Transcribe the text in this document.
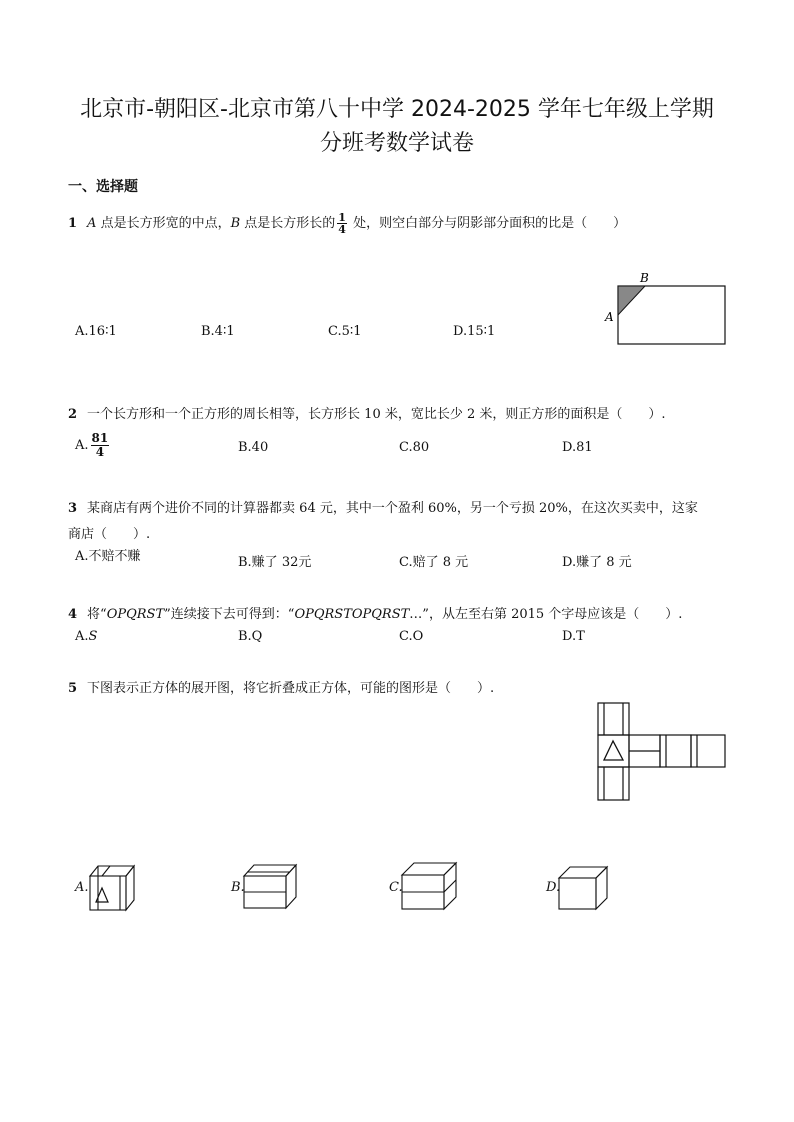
北京市-朝阳区-北京市第八十中学 2024-2025 学年七年级上学期
分班考数学试卷
一、选择题
1 A 点是长方形宽的中点，B 点是长方形长的 $\frac{1}{4}$ 处，则空白部分与阴影部分面积的比是（　　）
A.16∶1	B.4∶1	C.5∶1	D.15∶1
B
A
2 一个长方形和一个正方形的周长相等，长方形长 10 米，宽比长少 2 米，则正方形的面积是（　　）.
A. $\frac{81}{4}$	B.40	C.80	D.81
3 某商店有两个进价不同的计算器都卖 64 元，其中一个盈利 60%，另一个亏损 20%，在这次买卖中，这家
商店（　　）.
A.不赔不赚	B.赚了 32元	C.赔了 8 元	D.赚了 8 元
4 将“OPQRST”连续接下去可得到：“OPQRSTOPQRST…”，从左至右第 2015 个字母应该是（　　）.
A.S	B.Q	C.O	D.T
5 下图表示正方体的展开图，将它折叠成正方体，可能的图形是（　　）.
A.	B.	C.	D.
